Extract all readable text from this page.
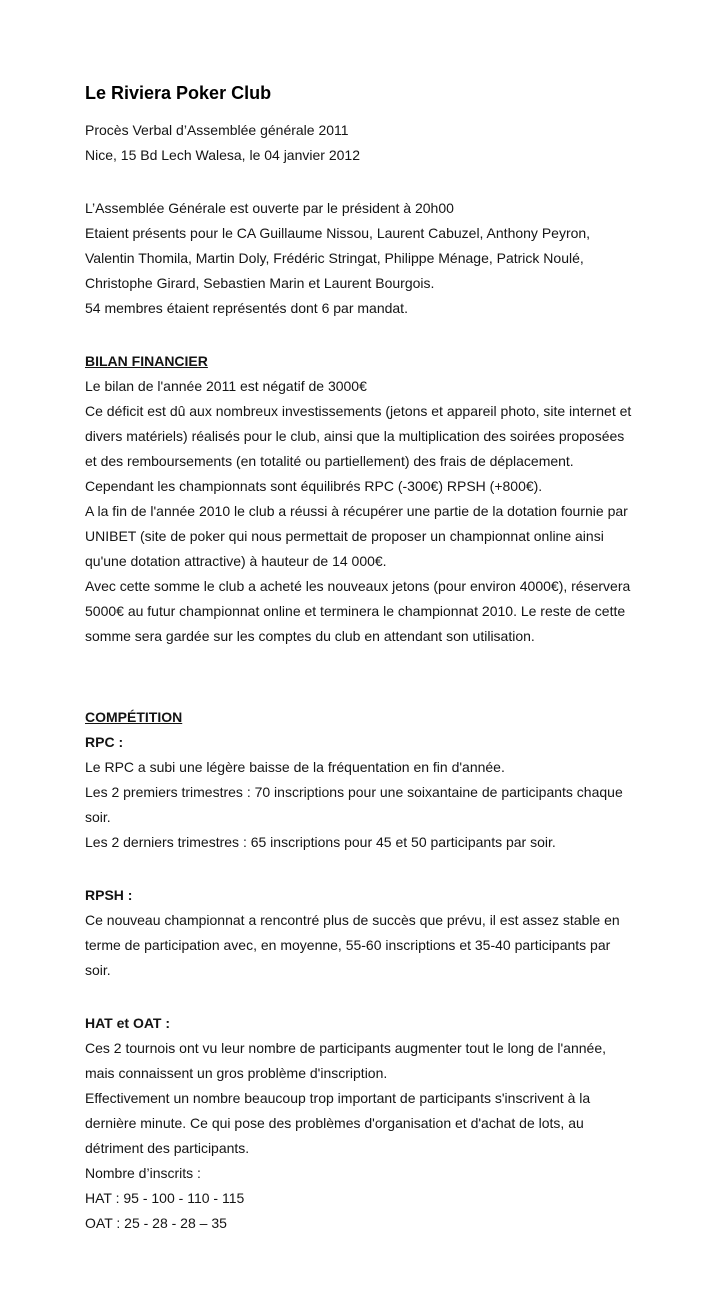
Le Riviera Poker Club

Procès Verbal d’Assemblée générale 2011

Nice, 15 Bd Lech Walesa, le 04 janvier 2012

L’Assemblée Générale est ouverte par le président à 20h00

Etaient présents pour le CA Guillaume Nissou, Laurent Cabuzel, Anthony Peyron, Valentin Thomila, Martin Doly, Frédéric Stringat, Philippe Ménage, Patrick Noulé, Christophe Girard, Sebastien Marin et Laurent Bourgois.

54 membres étaient représentés dont 6 par mandat.

BILAN FINANCIER

Le bilan de l'année 2011 est négatif de 3000€

Ce déficit est dû aux nombreux investissements (jetons et appareil photo, site internet et divers matériels) réalisés pour le club, ainsi que la multiplication des soirées proposées et des remboursements (en totalité ou partiellement) des frais de déplacement.

Cependant les championnats sont équilibrés RPC (-300€) RPSH (+800€).

A la fin de l'année 2010 le club a réussi à récupérer une partie de la dotation fournie par UNIBET (site de poker qui nous permettait de proposer un championnat online ainsi qu'une dotation attractive) à hauteur de 14 000€.

Avec cette somme le club a acheté les nouveaux jetons (pour environ 4000€), réservera 5000€ au futur championnat online et terminera le championnat 2010. Le reste de cette somme sera gardée sur les comptes du club en attendant son utilisation.

COMPÉTITION

RPC :

Le RPC a subi une légère baisse de la fréquentation en fin d'année.

Les 2 premiers trimestres : 70 inscriptions pour une soixantaine de participants chaque soir.

Les 2 derniers trimestres : 65 inscriptions pour 45 et 50 participants par soir.

RPSH :

Ce nouveau championnat a rencontré plus de succès que prévu, il est assez stable en terme de participation avec, en moyenne, 55-60 inscriptions et 35-40 participants par soir.

HAT et OAT :

Ces 2 tournois ont vu leur nombre de participants augmenter tout le long de l'année, mais connaissent un gros problème d'inscription.

Effectivement un nombre beaucoup trop important de participants s'inscrivent à la dernière minute. Ce qui pose des problèmes d'organisation et d'achat de lots, au détriment des participants.

Nombre d’inscrits :

HAT : 95 - 100 - 110 - 115

OAT : 25 - 28 - 28 – 35
